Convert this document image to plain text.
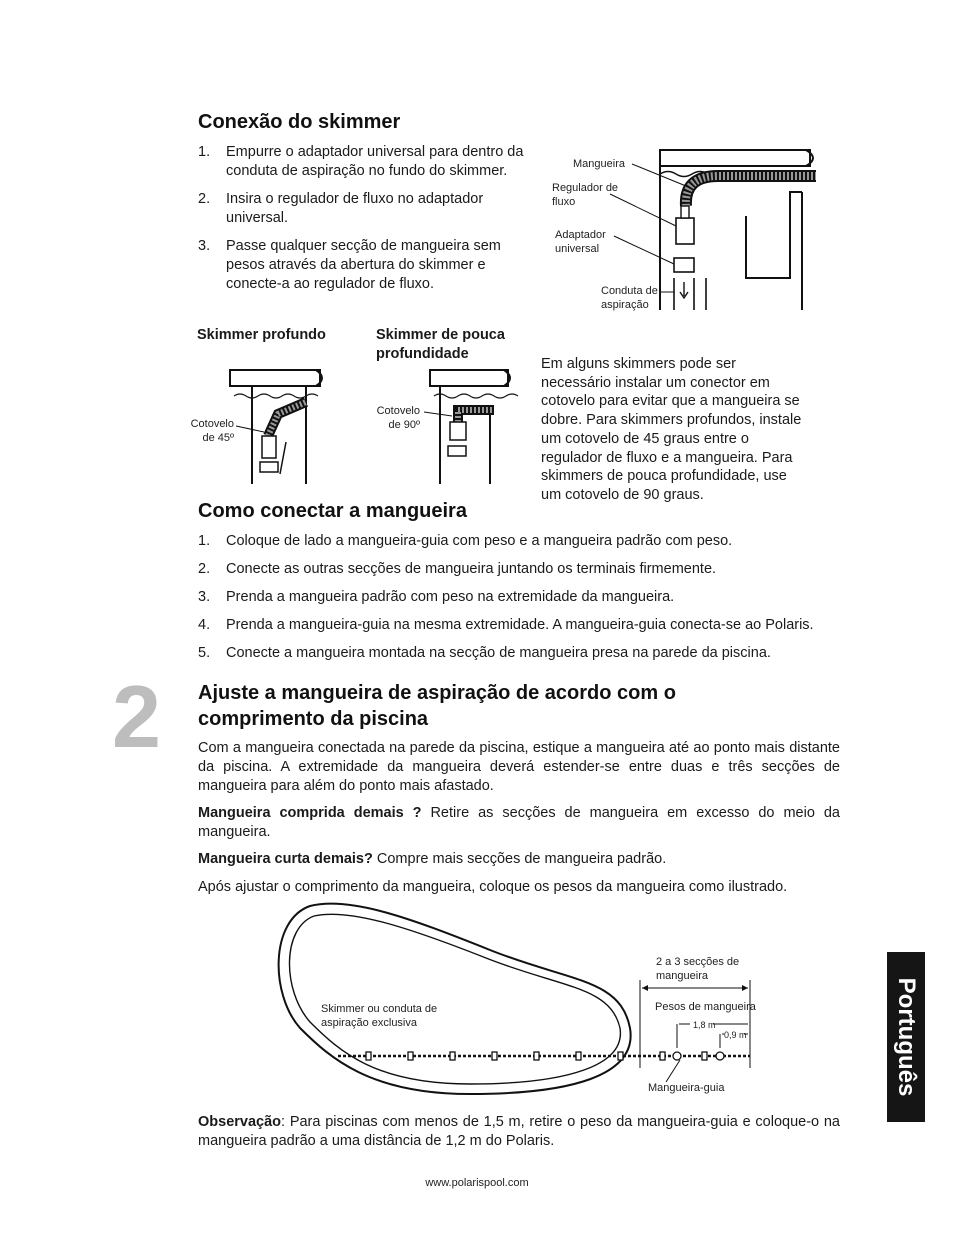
Conexão do skimmer
1. Empurre o adaptador universal para dentro da conduta de aspiração no fundo do skimmer.
2. Insira o regulador de fluxo no adaptador universal.
3. Passe qualquer secção de mangueira sem pesos através da abertura do skimmer e conecte-a ao regulador de fluxo.
Mangueira
Regulador de fluxo
Adaptador universal
Conduta de aspiração
Skimmer profundo	Skimmer de pouca profundidade
Cotovelo de 45º
Cotovelo de 90º

Em alguns skimmers pode ser necessário instalar um conector em cotovelo para evitar que a mangueira se dobre. Para skimmers profundos, instale um cotovelo de 45 graus entre o regulador de fluxo e a mangueira. Para skimmers de pouca profundidade, use um cotovelo de 90 graus.

Como conectar a mangueira
1. Coloque de lado a mangueira-guia com peso e a mangueira padrão com peso.
2. Conecte as outras secções de mangueira juntando os terminais firmemente.
3. Prenda a mangueira padrão com peso na extremidade da mangueira.
4. Prenda a mangueira-guia na mesma extremidade. A mangueira-guia conecta-se ao Polaris.
5. Conecte a mangueira montada na secção de mangueira presa na parede da piscina.
2 Ajuste a mangueira de aspiração de acordo com o comprimento da piscina

Com a mangueira conectada na parede da piscina, estique a mangueira até ao ponto mais distante da piscina. A extremidade da mangueira deverá estender-se entre duas e três secções de mangueira para além do ponto mais afastado.

Mangueira comprida demais ? Retire as secções de mangueira em excesso do meio da mangueira.

Mangueira curta demais? Compre mais secções de mangueira padrão.

Após ajustar o comprimento da mangueira, coloque os pesos da mangueira como ilustrado.

2 a 3 secções de mangueira
Skimmer ou conduta de aspiração exclusiva
Pesos de mangueira
1,8 m
0,9 m
Mangueira-guia

Observação: Para piscinas com menos de 1,5 m, retire o peso da mangueira-guia e coloque-o na mangueira padrão a uma distância de 1,2 m do Polaris.

www.polarispool.com
Português
